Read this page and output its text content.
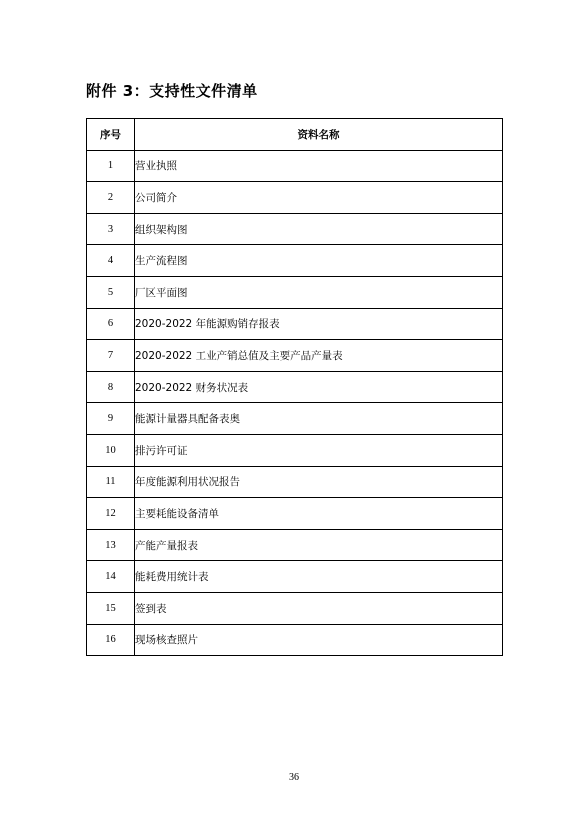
附件 3：支持性文件清单
序号	资料名称
1	营业执照
2	公司简介
3	组织架构图
4	生产流程图
5	厂区平面图
6	2020-2022 年能源购销存报表
7	2020-2022 工业产销总值及主要产品产量表
8	2020-2022 财务状况表
9	能源计量器具配备表奥
10	排污许可证
11	年度能源利用状况报告
12	主要耗能设备清单
13	产能产量报表
14	能耗费用统计表
15	签到表
16	现场核查照片
36
